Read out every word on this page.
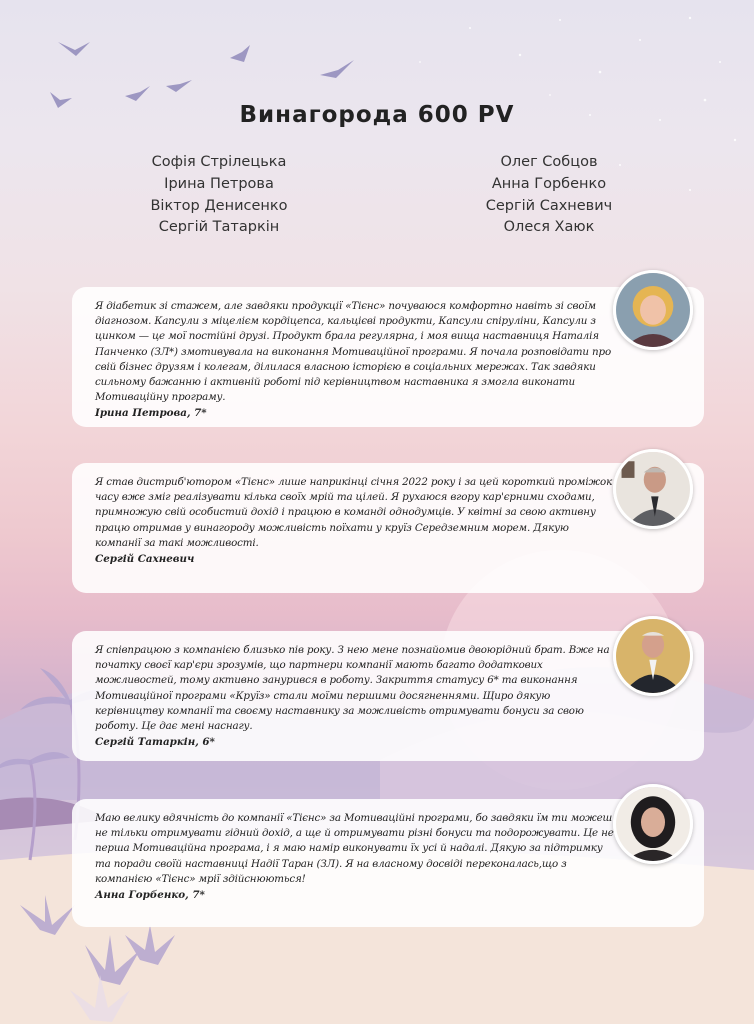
Винагорода 600 PV
Софія Стрілецька
Ірина Петрова
Віктор Денисенко
Сергій Татаркін
Олег Собцов
Анна Горбенко
Сергій Сахневич
Олеся Хаюк

Я діабетик зі стажем, але завдяки продукції «Тієнс» почуваюся комфортно навіть зі своїм діагнозом. Капсули з міцелієм кордіцепса, кальцієві продукти, Капсули спіруліни, Капсули з цинком — це мої постійні друзі. Продукт брала регулярна, і моя вища наставниця Наталія Панченко (ЗЛ*) змотивувала на виконання Мотиваційної програми. Я почала розповідати про свій бізнес друзям і колегам, ділилася власною історією в соціальних мережах. Так завдяки сильному бажанню і активній роботі під керівництвом наставника я змогла виконати Мотиваційну програму.

Ірина Петрова, 7*

Я став дистриб'ютором «Тієнс» лише наприкінці січня 2022 року і за цей короткий проміжок часу вже зміг реалізувати кілька своїх мрій та цілей. Я рухаюся вгору кар'єрними сходами, примножую свій особистий дохід і працюю в команді однодумців. У квітні за свою активну працю отримав у винагороду можливість поїхати у круїз Середземним морем. Дякую компанії за такі можливості.

Сергій Сахневич

Я співпрацюю з компанією близько пів року. З нею мене познайомив двоюрідний брат. Вже на початку своєї кар'єри зрозумів, що партнери компанії мають багато додаткових можливостей, тому активно занурився в роботу. Закриття статусу 6* та виконання Мотиваційної програми «Круїз» стали моїми першими досягненнями. Щиро дякую керівництву компанії та своєму наставнику за можливість отримувати бонуси за свою роботу. Це дає мені наснагу.

Сергій Татаркін, 6*

Маю велику вдячність до компанії «Тієнс» за Мотиваційні програми, бо завдяки їм ти можеш не тільки отримувати гідний дохід, а ще й отримувати різні бонуси та подорожувати. Це не перша Мотиваційна програма, і я маю намір виконувати їх усі й надалі. Дякую за підтримку та поради своїй наставниці Надії Таран (ЗЛ). Я на власному досвіді переконалась,що з компанією «Тієнс» мрії здійснюються!

Анна Горбенко, 7*
